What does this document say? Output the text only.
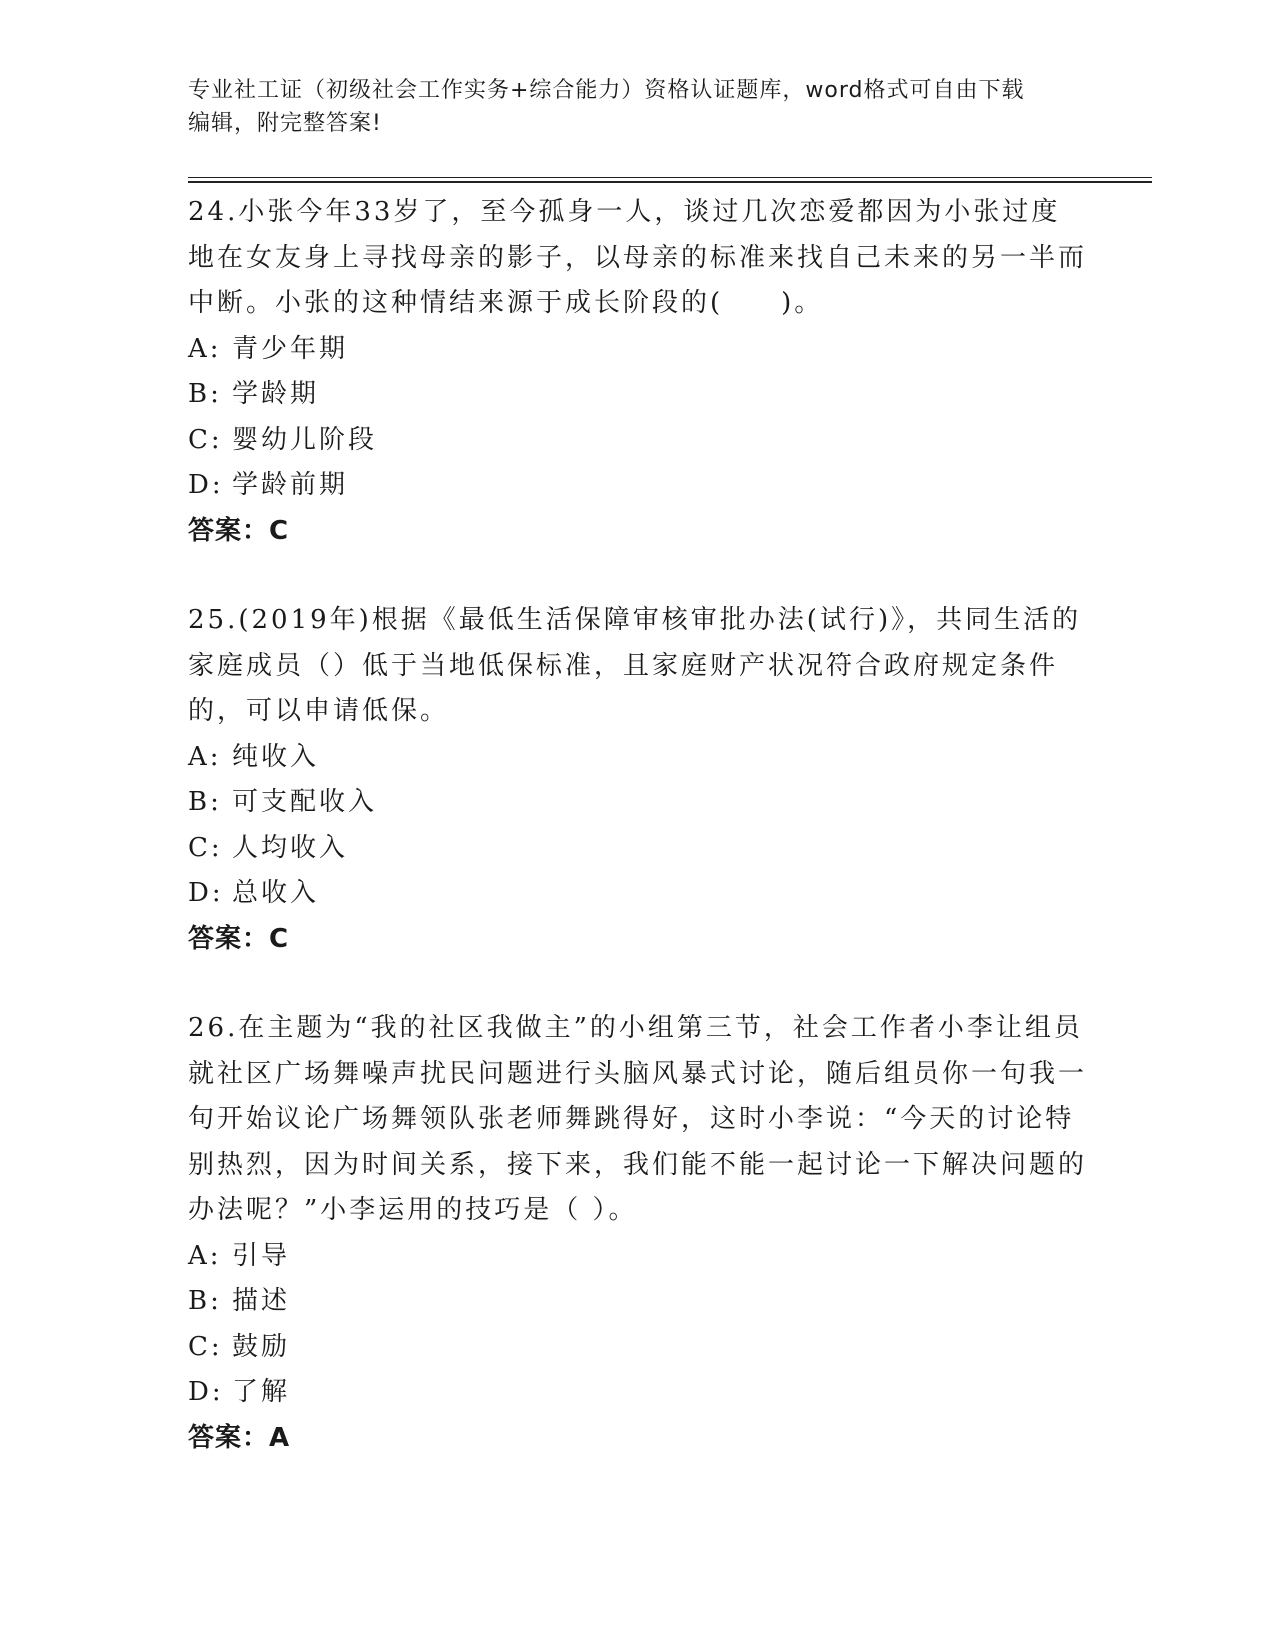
专业社工证（初级社会工作实务+综合能力）资格认证题库，word格式可自由下载
编辑，附完整答案!

24.小张今年33岁了，至今孤身一人，谈过几次恋爱都因为小张过度地在女友身上寻找母亲的影子，以母亲的标准来找自己未来的另一半而中断。小张的这种情结来源于成长阶段的(　　)。

A: 青少年期

B: 学龄期

C: 婴幼儿阶段

D: 学龄前期

答案：C

25.(2019年)根据《最低生活保障审核审批办法(试行)》，共同生活的家庭成员（）低于当地低保标准，且家庭财产状况符合政府规定条件的，可以申请低保。

A: 纯收入

B: 可支配收入

C: 人均收入

D: 总收入

答案：C

26.在主题为“我的社区我做主”的小组第三节，社会工作者小李让组员就社区广场舞噪声扰民问题进行头脑风暴式讨论，随后组员你一句我一句开始议论广场舞领队张老师舞跳得好，这时小李说：“今天的讨论特别热烈，因为时间关系，接下来，我们能不能一起讨论一下解决问题的办法呢？”小李运用的技巧是（ ）。

A: 引导

B: 描述

C: 鼓励

D: 了解

答案：A
